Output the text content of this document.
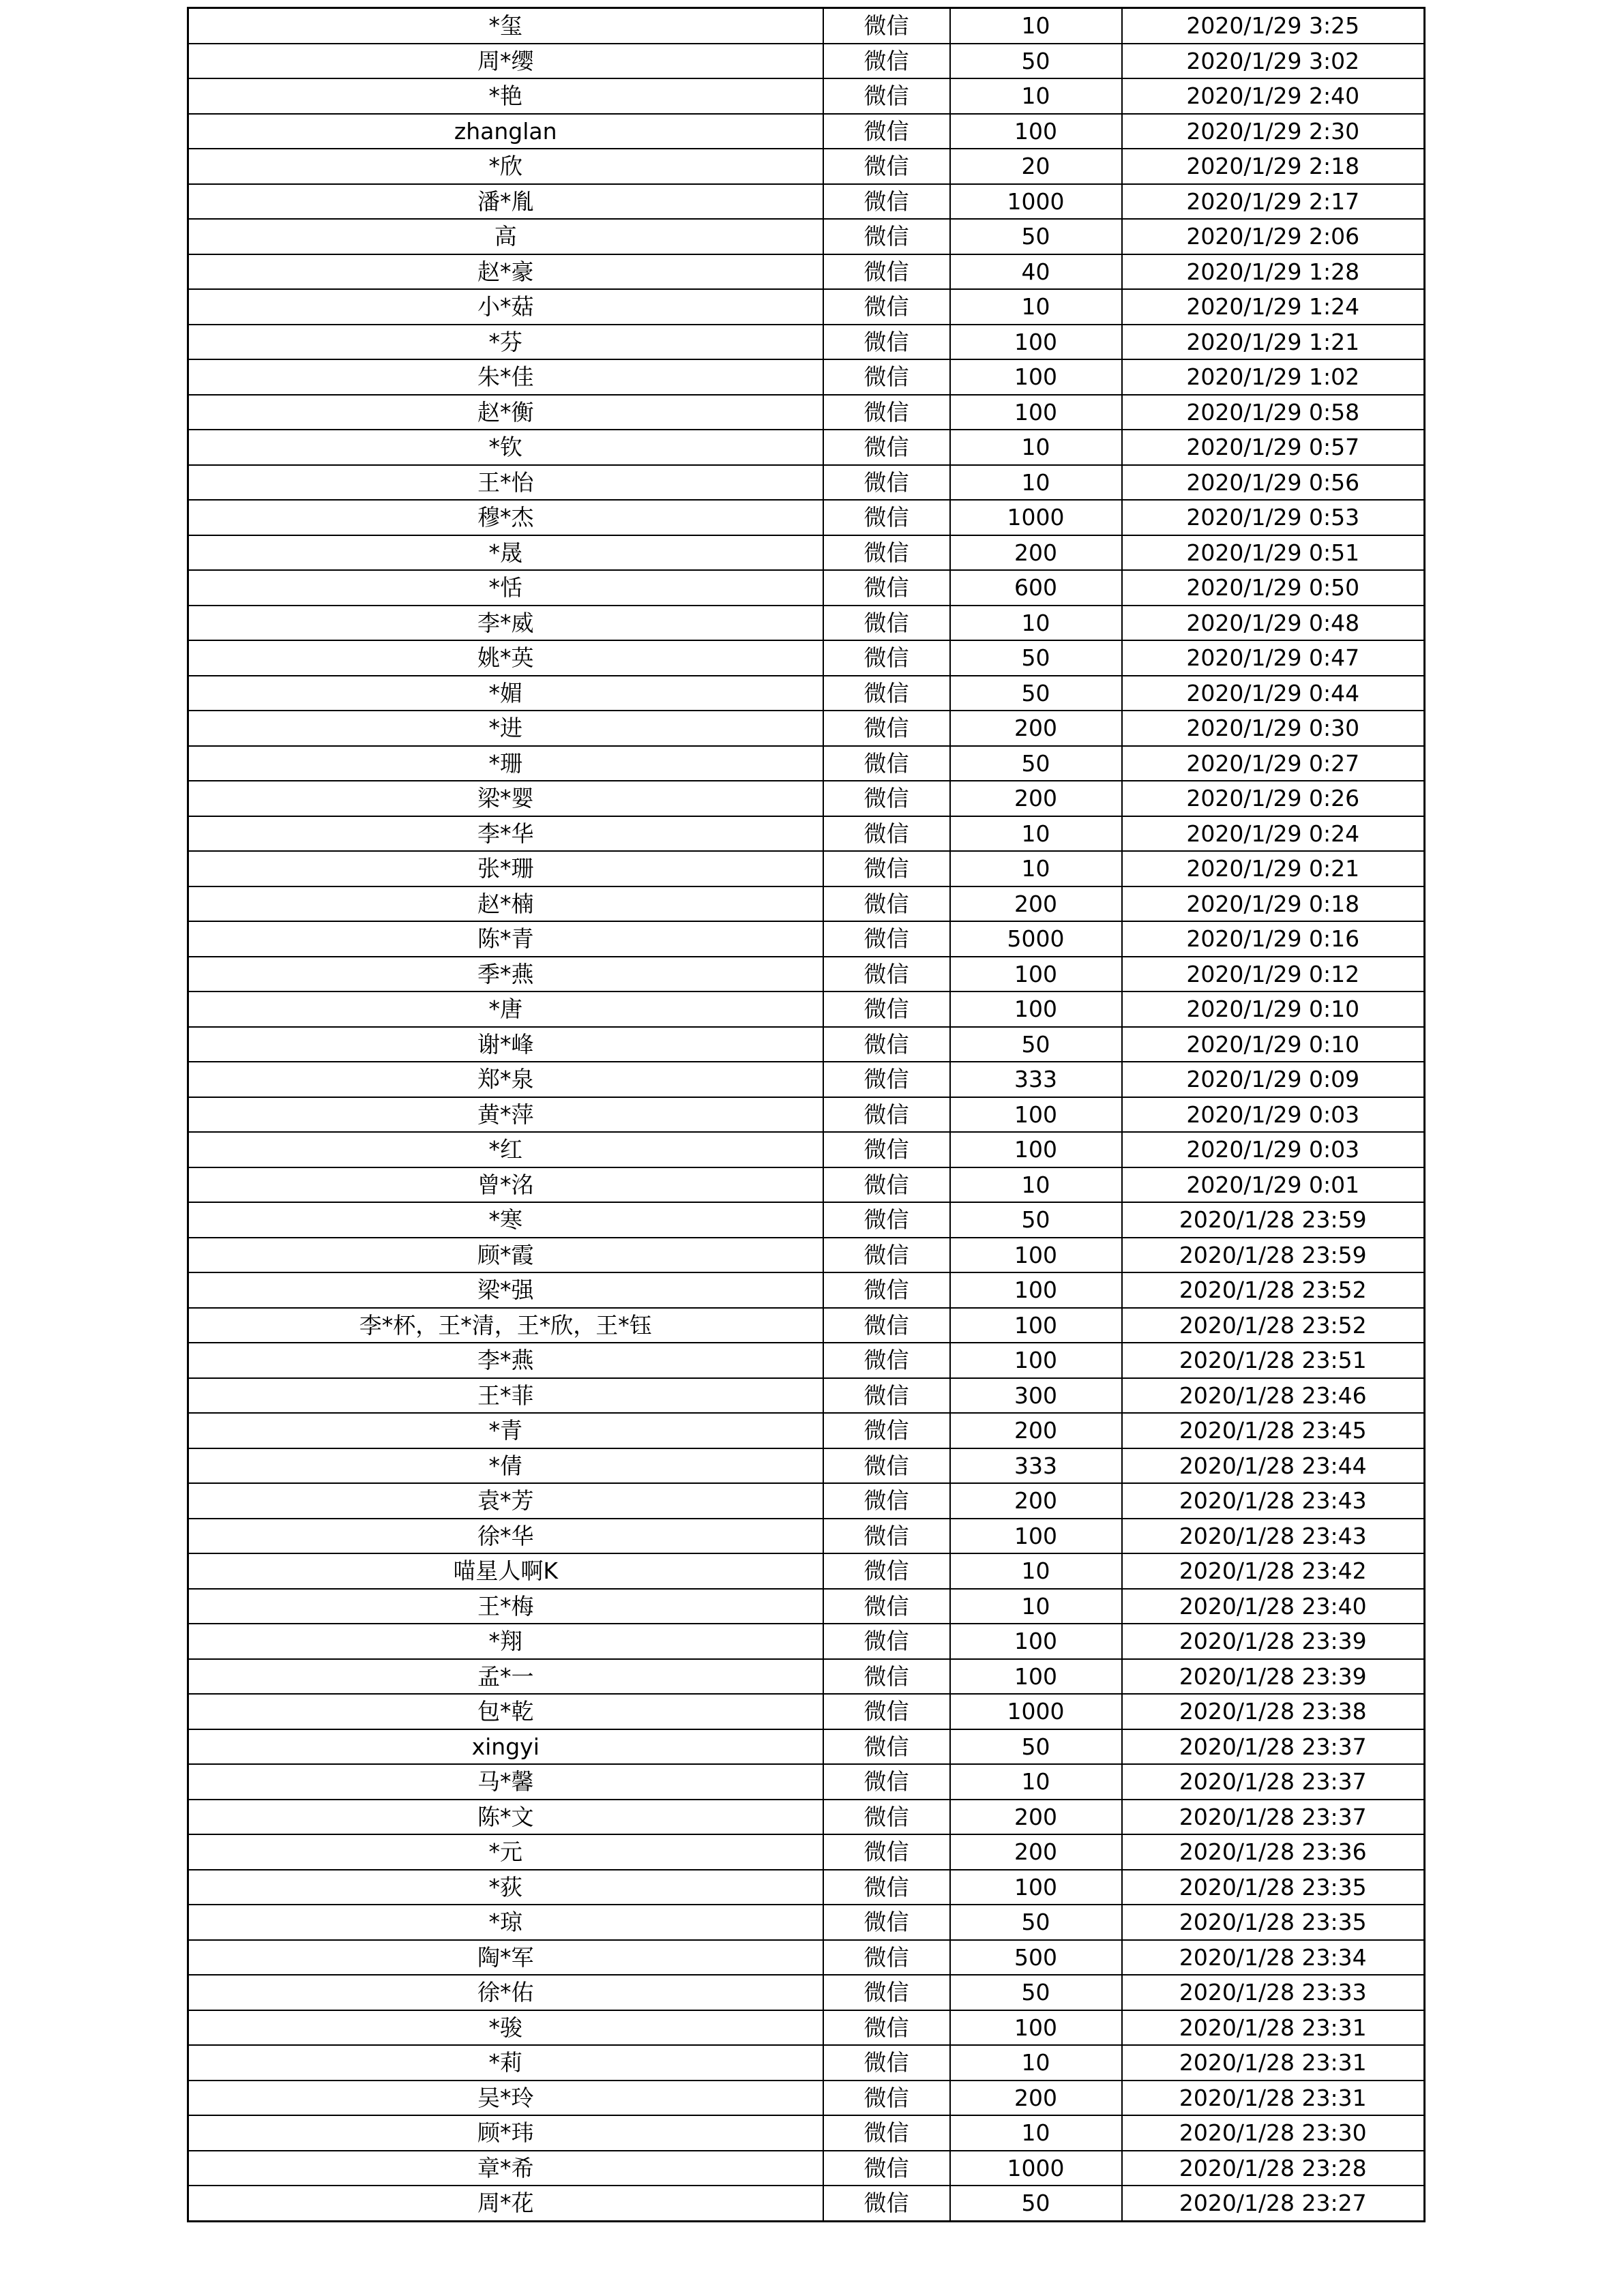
*玺	微信	10	2020/1/29 3:25
周*缨	微信	50	2020/1/29 3:02
*艳	微信	10	2020/1/29 2:40
zhanglan	微信	100	2020/1/29 2:30
*欣	微信	20	2020/1/29 2:18
潘*胤	微信	1000	2020/1/29 2:17
高	微信	50	2020/1/29 2:06
赵*豪	微信	40	2020/1/29 1:28
小*菇	微信	10	2020/1/29 1:24
*芬	微信	100	2020/1/29 1:21
朱*佳	微信	100	2020/1/29 1:02
赵*衡	微信	100	2020/1/29 0:58
*钦	微信	10	2020/1/29 0:57
王*怡	微信	10	2020/1/29 0:56
穆*杰	微信	1000	2020/1/29 0:53
*晟	微信	200	2020/1/29 0:51
*恬	微信	600	2020/1/29 0:50
李*威	微信	10	2020/1/29 0:48
姚*英	微信	50	2020/1/29 0:47
*媚	微信	50	2020/1/29 0:44
*进	微信	200	2020/1/29 0:30
*珊	微信	50	2020/1/29 0:27
梁*婴	微信	200	2020/1/29 0:26
李*华	微信	10	2020/1/29 0:24
张*珊	微信	10	2020/1/29 0:21
赵*楠	微信	200	2020/1/29 0:18
陈*青	微信	5000	2020/1/29 0:16
季*燕	微信	100	2020/1/29 0:12
*唐	微信	100	2020/1/29 0:10
谢*峰	微信	50	2020/1/29 0:10
郑*泉	微信	333	2020/1/29 0:09
黄*萍	微信	100	2020/1/29 0:03
*红	微信	100	2020/1/29 0:03
曾*洺	微信	10	2020/1/29 0:01
*寒	微信	50	2020/1/28 23:59
顾*霞	微信	100	2020/1/28 23:59
梁*强	微信	100	2020/1/28 23:52
李*杯，王*清，王*欣，王*钰	微信	100	2020/1/28 23:52
李*燕	微信	100	2020/1/28 23:51
王*菲	微信	300	2020/1/28 23:46
*青	微信	200	2020/1/28 23:45
*倩	微信	333	2020/1/28 23:44
袁*芳	微信	200	2020/1/28 23:43
徐*华	微信	100	2020/1/28 23:43
喵星人啊K	微信	10	2020/1/28 23:42
王*梅	微信	10	2020/1/28 23:40
*翔	微信	100	2020/1/28 23:39
孟*一	微信	100	2020/1/28 23:39
包*乾	微信	1000	2020/1/28 23:38
xingyi	微信	50	2020/1/28 23:37
马*馨	微信	10	2020/1/28 23:37
陈*文	微信	200	2020/1/28 23:37
*元	微信	200	2020/1/28 23:36
*荻	微信	100	2020/1/28 23:35
*琼	微信	50	2020/1/28 23:35
陶*军	微信	500	2020/1/28 23:34
徐*佑	微信	50	2020/1/28 23:33
*骏	微信	100	2020/1/28 23:31
*莉	微信	10	2020/1/28 23:31
吴*玲	微信	200	2020/1/28 23:31
顾*玮	微信	10	2020/1/28 23:30
章*希	微信	1000	2020/1/28 23:28
周*花	微信	50	2020/1/28 23:27
